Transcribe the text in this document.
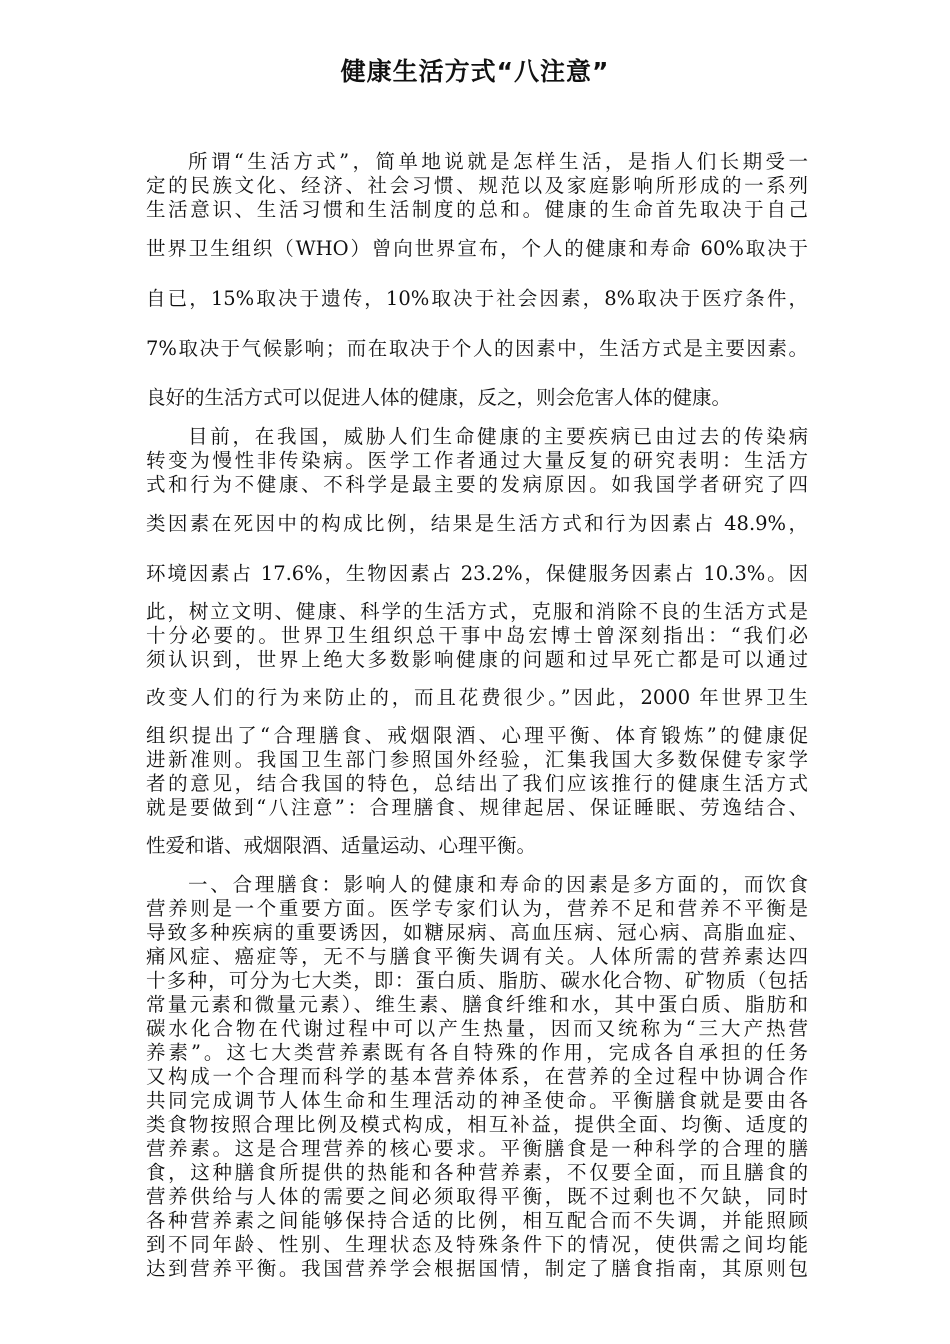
健康生活方式“八注意”
所谓“生活方式”，简单地说就是怎样生活，是指人们长期受一
定的民族文化、经济、社会习惯、规范以及家庭影响所形成的一系列
生活意识、生活习惯和生活制度的总和。健康的生命首先取决于自己
世界卫生组织（WHO）曾向世界宣布，个人的健康和寿命 60%取决于
自已，15%取决于遗传，10%取决于社会因素，8%取决于医疗条件，
7%取决于气候影响；而在取决于个人的因素中，生活方式是主要因素。
良好的生活方式可以促进人体的健康，反之，则会危害人体的健康。
目前，在我国，威胁人们生命健康的主要疾病已由过去的传染病
转变为慢性非传染病。医学工作者通过大量反复的研究表明：生活方
式和行为不健康、不科学是最主要的发病原因。如我国学者研究了四
类因素在死因中的构成比例，结果是生活方式和行为因素占 48.9%，
环境因素占 17.6%，生物因素占 23.2%，保健服务因素占 10.3%。因
此，树立文明、健康、科学的生活方式，克服和消除不良的生活方式是
十分必要的。世界卫生组织总干事中岛宏博士曾深刻指出：“我们必
须认识到，世界上绝大多数影响健康的问题和过早死亡都是可以通过
改变人们的行为来防止的，而且花费很少。”因此，2000 年世界卫生
组织提出了“合理膳食、戒烟限酒、心理平衡、体育锻炼”的健康促
进新准则。我国卫生部门参照国外经验，汇集我国大多数保健专家学
者的意见，结合我国的特色，总结出了我们应该推行的健康生活方式
就是要做到“八注意”：合理膳食、规律起居、保证睡眠、劳逸结合、
性爱和谐、戒烟限酒、适量运动、心理平衡。
一、合理膳食：影响人的健康和寿命的因素是多方面的，而饮食
营养则是一个重要方面。医学专家们认为，营养不足和营养不平衡是
导致多种疾病的重要诱因，如糖尿病、高血压病、冠心病、高脂血症、
痛风症、癌症等，无不与膳食平衡失调有关。人体所需的营养素达四
十多种，可分为七大类，即：蛋白质、脂肪、碳水化合物、矿物质（包括
常量元素和微量元素）、维生素、膳食纤维和水，其中蛋白质、脂肪和
碳水化合物在代谢过程中可以产生热量，因而又统称为“三大产热营
养素”。这七大类营养素既有各自特殊的作用，完成各自承担的任务
又构成一个合理而科学的基本营养体系，在营养的全过程中协调合作
共同完成调节人体生命和生理活动的神圣使命。平衡膳食就是要由各
类食物按照合理比例及模式构成，相互补益，提供全面、均衡、适度的
营养素。这是合理营养的核心要求。平衡膳食是一种科学的合理的膳
食，这种膳食所提供的热能和各种营养素，不仅要全面，而且膳食的
营养供给与人体的需要之间必须取得平衡，既不过剩也不欠缺，同时
各种营养素之间能够保持合适的比例，相互配合而不失调，并能照顾
到不同年龄、性别、生理状态及特殊条件下的情况，使供需之间均能
达到营养平衡。我国营养学会根据国情，制定了膳食指南，其原则包
